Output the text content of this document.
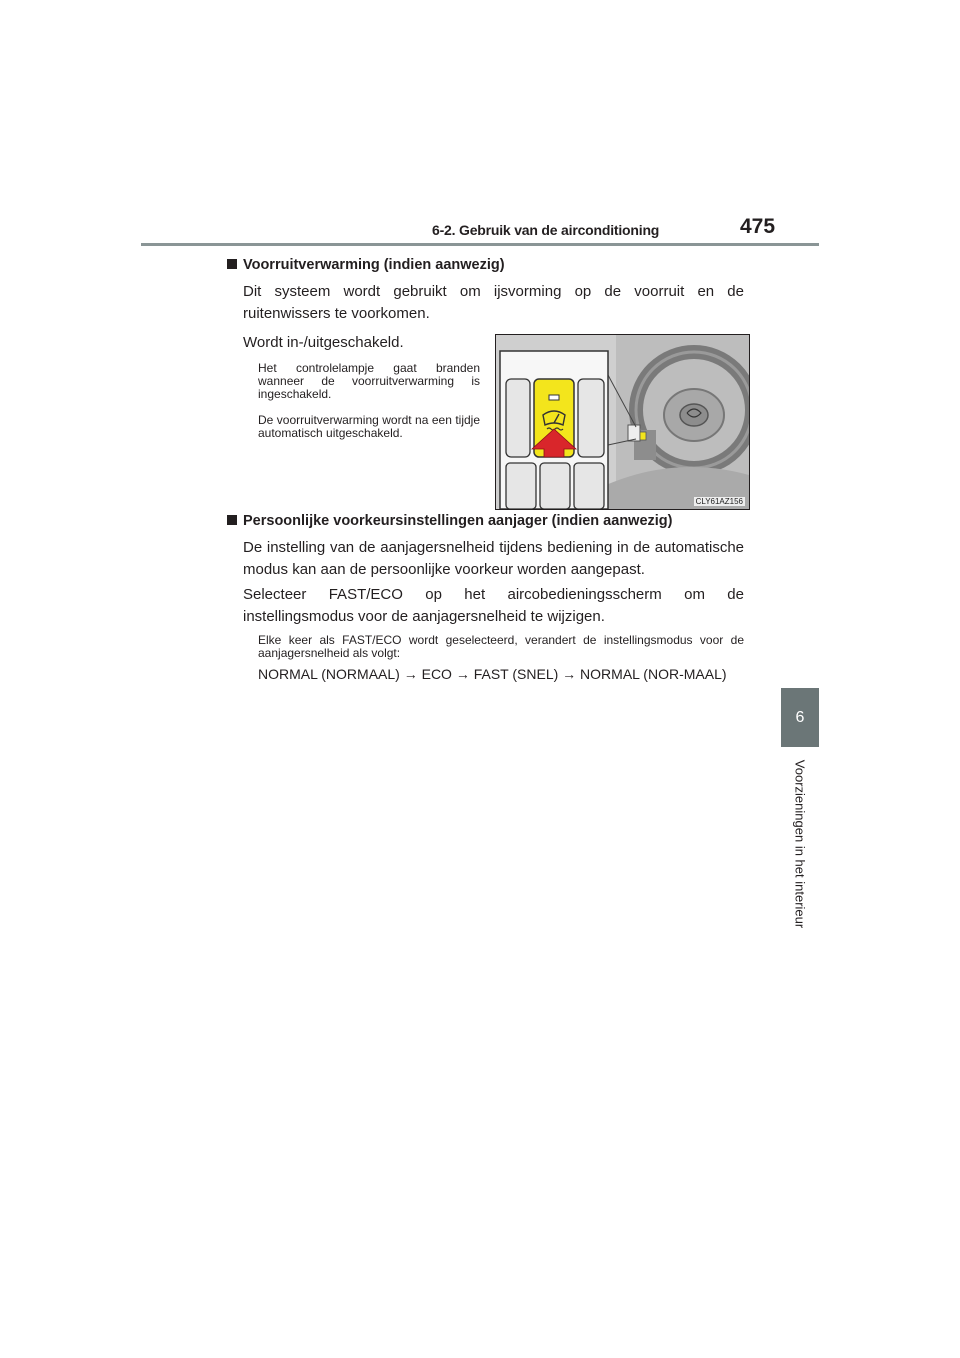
6-2. Gebruik van de airconditioning	475
6
Voorzieningen in het interieur
Voorruitverwarming (indien aanwezig)
Dit systeem wordt gebruikt om ijsvorming op de voorruit en de ruitenwissers te voorkomen.
Wordt in-/uitgeschakeld.
Het controlelampje gaat branden wanneer de voorruitverwarming is ingeschakeld.
De voorruitverwarming wordt na een tijdje automatisch uitgeschakeld.
CLY61AZ156
Persoonlijke voorkeursinstellingen aanjager (indien aanwezig)
De instelling van de aanjagersnelheid tijdens bediening in de automatische modus kan aan de persoonlijke voorkeur worden aangepast.
Selecteer FAST/ECO op het aircobedieningsscherm om de instellingsmodus voor de aanjagersnelheid te wijzigen.
Elke keer als FAST/ECO wordt geselecteerd, verandert de instellingsmodus voor de aanjagersnelheid als volgt:
NORMAL (NORMAAL) → ECO → FAST (SNEL) → NORMAL (NOR-MAAL)
